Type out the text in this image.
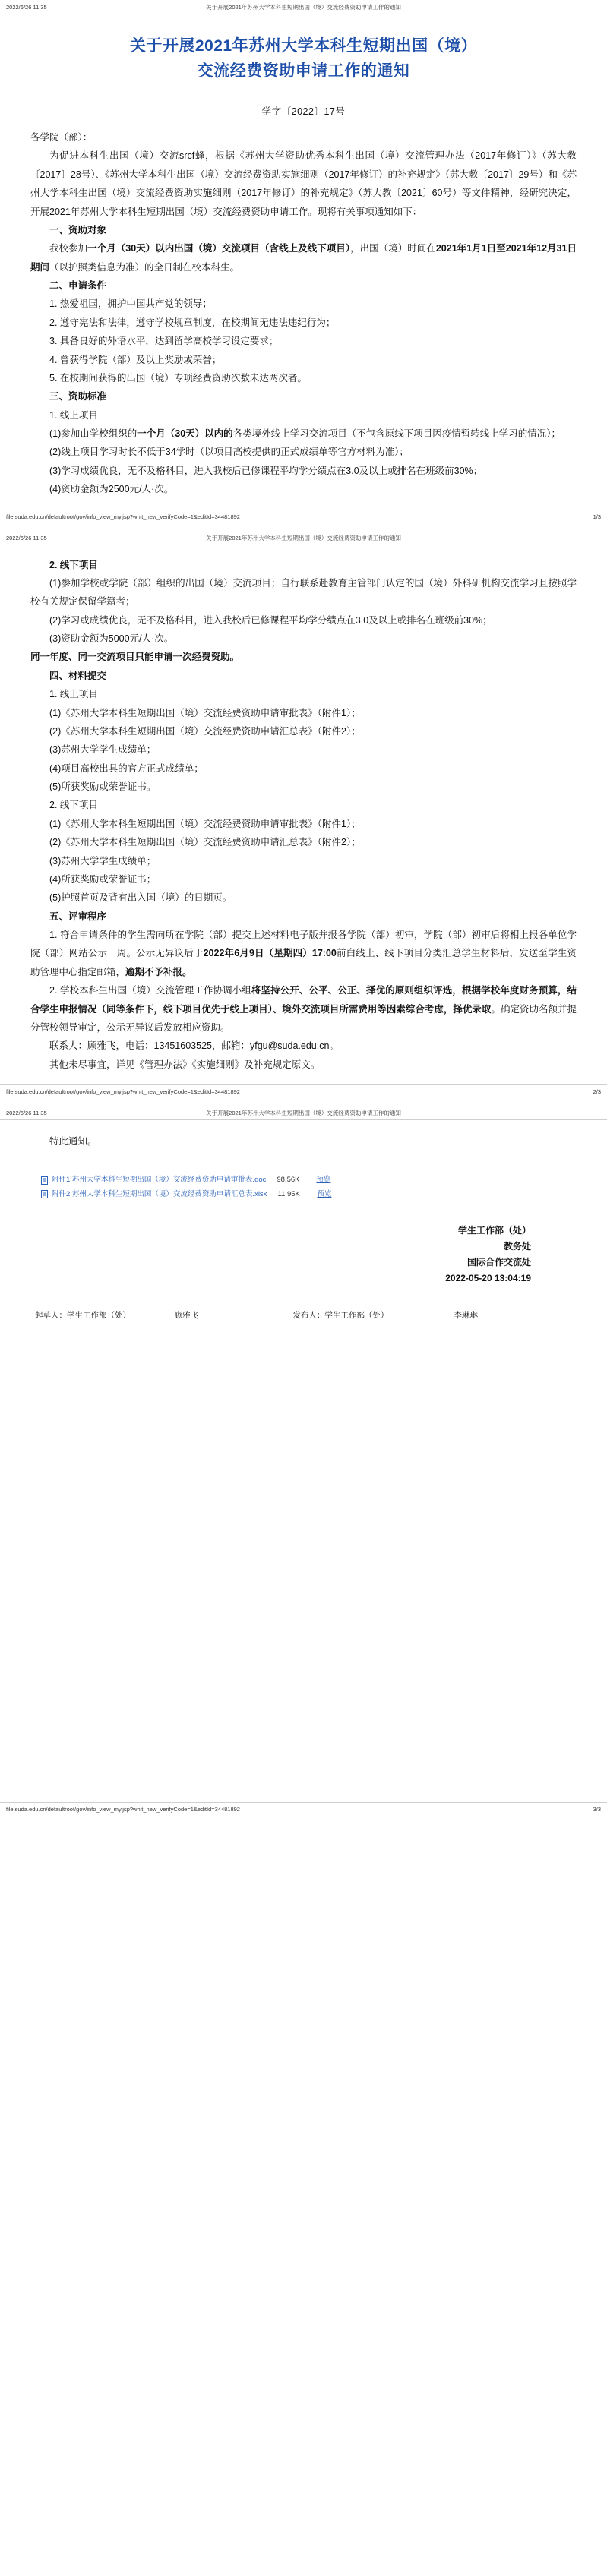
2022/6/26 11:35	关于开展2021年苏州大学本科生短期出国（境）交流经费资助申请工作的通知
关于开展2021年苏州大学本科生短期出国（境）
交流经费资助申请工作的通知
学字〔2022〕17号

各学院（部）：

为促进本科生出国（境）交流srcf蜂，根据《苏州大学资助优秀本科生出国（境）交流管理办法（2017年修订）》（苏大教〔2017〕28号）、《苏州大学本科生出国（境）交流经费资助实施细则（2017年修订）的补充规定》（苏大教〔2017〕29号）和《苏州大学本科生出国（境）交流经费资助实施细则（2017年修订）的补充规定》（苏大教〔2021〕60号）等文件精神，经研究决定，开展2021年苏州大学本科生短期出国（境）交流经费资助申请工作。现将有关事项通知如下：

一、资助对象

我校参加一个月（30天）以内出国（境）交流项目（含线上及线下项目），出国（境）时间在2021年1月1日至2021年12月31日期间（以护照类信息为准）的全日制在校本科生。

二、申请条件

1. 热爱祖国，拥护中国共产党的领导；

2. 遵守宪法和法律，遵守学校规章制度，在校期间无违法违纪行为；

3. 具备良好的外语水平，达到留学高校学习设定要求；

4. 曾获得学院（部）及以上奖励或荣誉；

5. 在校期间获得的出国（境）专项经费资助次数未达两次者。

三、资助标准

1. 线上项目

(1)参加由学校组织的一个月（30天）以内的各类境外线上学习交流项目（不包含原线下项目因疫情暂转线上学习的情况）；

(2)线上项目学习时长不低于34学时（以项目高校提供的正式成绩单等官方材料为准）；

(3)学习成绩优良，无不及格科目，进入我校后已修课程平均学分绩点在3.0及以上或排名在班级前30%；

(4)资助金额为2500元/人·次。

file.suda.edu.cn/defaultroot/gov/info_view_my.jsp?whit_new_verifyCode=1&editId=34481892	1/3
2022/6/26 11:35	关于开展2021年苏州大学本科生短期出国（境）交流经费资助申请工作的通知

2. 线下项目

(1)参加学校或学院（部）组织的出国（境）交流项目；自行联系赴教育主管部门认定的国（境）外科研机构交流学习且按照学校有关规定保留学籍者；

(2)学习或成绩优良，无不及格科目，进入我校后已修课程平均学分绩点在3.0及以上或排名在班级前30%；

(3)资助金额为5000元/人·次。

同一年度、同一交流项目只能申请一次经费资助。

四、材料提交

1. 线上项目

(1)《苏州大学本科生短期出国（境）交流经费资助申请审批表》（附件1）；

(2)《苏州大学本科生短期出国（境）交流经费资助申请汇总表》（附件2）；

(3)苏州大学学生成绩单；

(4)项目高校出具的官方正式成绩单；

(5)所获奖励或荣誉证书。

2. 线下项目

(1)《苏州大学本科生短期出国（境）交流经费资助申请审批表》（附件1）；

(2)《苏州大学本科生短期出国（境）交流经费资助申请汇总表》（附件2）；

(3)苏州大学学生成绩单；

(4)所获奖励或荣誉证书；

(5)护照首页及背有出入国（境）的日期页。

五、评审程序

1. 符合申请条件的学生需向所在学院（部）提交上述材料电子版并报各学院（部）初审，学院（部）初审后将相上报各单位学院（部）网站公示一周。公示无异议后于2022年6月9日（星期四）17:00前白线上、线下项目分类汇总学生材料后，发送至学生资助管理中心指定邮箱，逾期不予补报。

2. 学校本科生出国（境）交流管理工作协调小组将坚持公开、公平、公正、择优的原则组织评选，根据学校年度财务预算，结合学生申报情况（同等条件下，线下项目优先于线上项目）、境外交流项目所需费用等因素综合考虑，择优录取。确定资助名额并提分管校领导审定，公示无异议后发放相应资助。

联系人：顾雅飞，电话：13451603525，邮箱：yfgu@suda.edu.cn。

其他未尽事宜，详见《管理办法》《实施细则》及补充规定原文。

file.suda.edu.cn/defaultroot/gov/info_view_my.jsp?whit_new_verifyCode=1&editId=34481892	2/3
2022/6/26 11:35	关于开展2021年苏州大学本科生短期出国（境）交流经费资助申请工作的通知

特此通知。

附件1 苏州大学本科生短期出国（境）交流经费资助申请审批表.doc 98.56K	预览
附件2 苏州大学本科生短期出国（境）交流经费资助申请汇总表.xlsx 11.95K	预览
学生工作部（处）
教务处
国际合作交流处
2022-05-20 13:04:19
起草人：学生工作部（处）	顾雅飞	发布人：学生工作部（处）	李琳琳
file.suda.edu.cn/defaultroot/gov/info_view_my.jsp?whit_new_verifyCode=1&editId=34481892	3/3
